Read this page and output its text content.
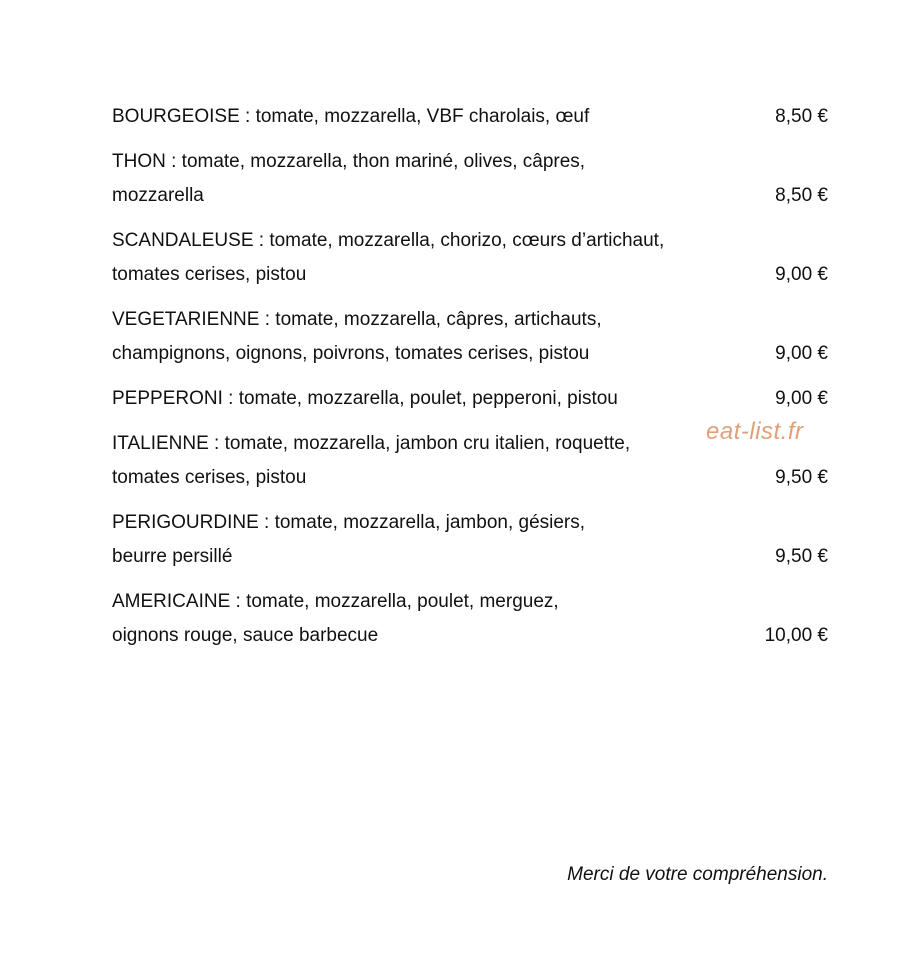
BOURGEOISE : tomate, mozzarella, VBF charolais, œuf	8,50 €
THON : tomate, mozzarella, thon mariné, olives, câpres,
mozzarella	8,50 €
SCANDALEUSE : tomate, mozzarella, chorizo, cœurs d’artichaut,
tomates cerises, pistou	9,00 €
VEGETARIENNE : tomate, mozzarella, câpres, artichauts,
champignons, oignons, poivrons, tomates cerises, pistou	9,00 €
PEPPERONI : tomate, mozzarella, poulet, pepperoni, pistou	9,00 €
ITALIENNE : tomate, mozzarella, jambon cru italien, roquette,
tomates cerises, pistou	9,50 €
PERIGOURDINE : tomate, mozzarella, jambon, gésiers,
beurre persillé	9,50 €
AMERICAINE : tomate, mozzarella, poulet, merguez,
oignons rouge, sauce barbecue	10,00 €
eat-list.fr
Merci de votre compréhension.
